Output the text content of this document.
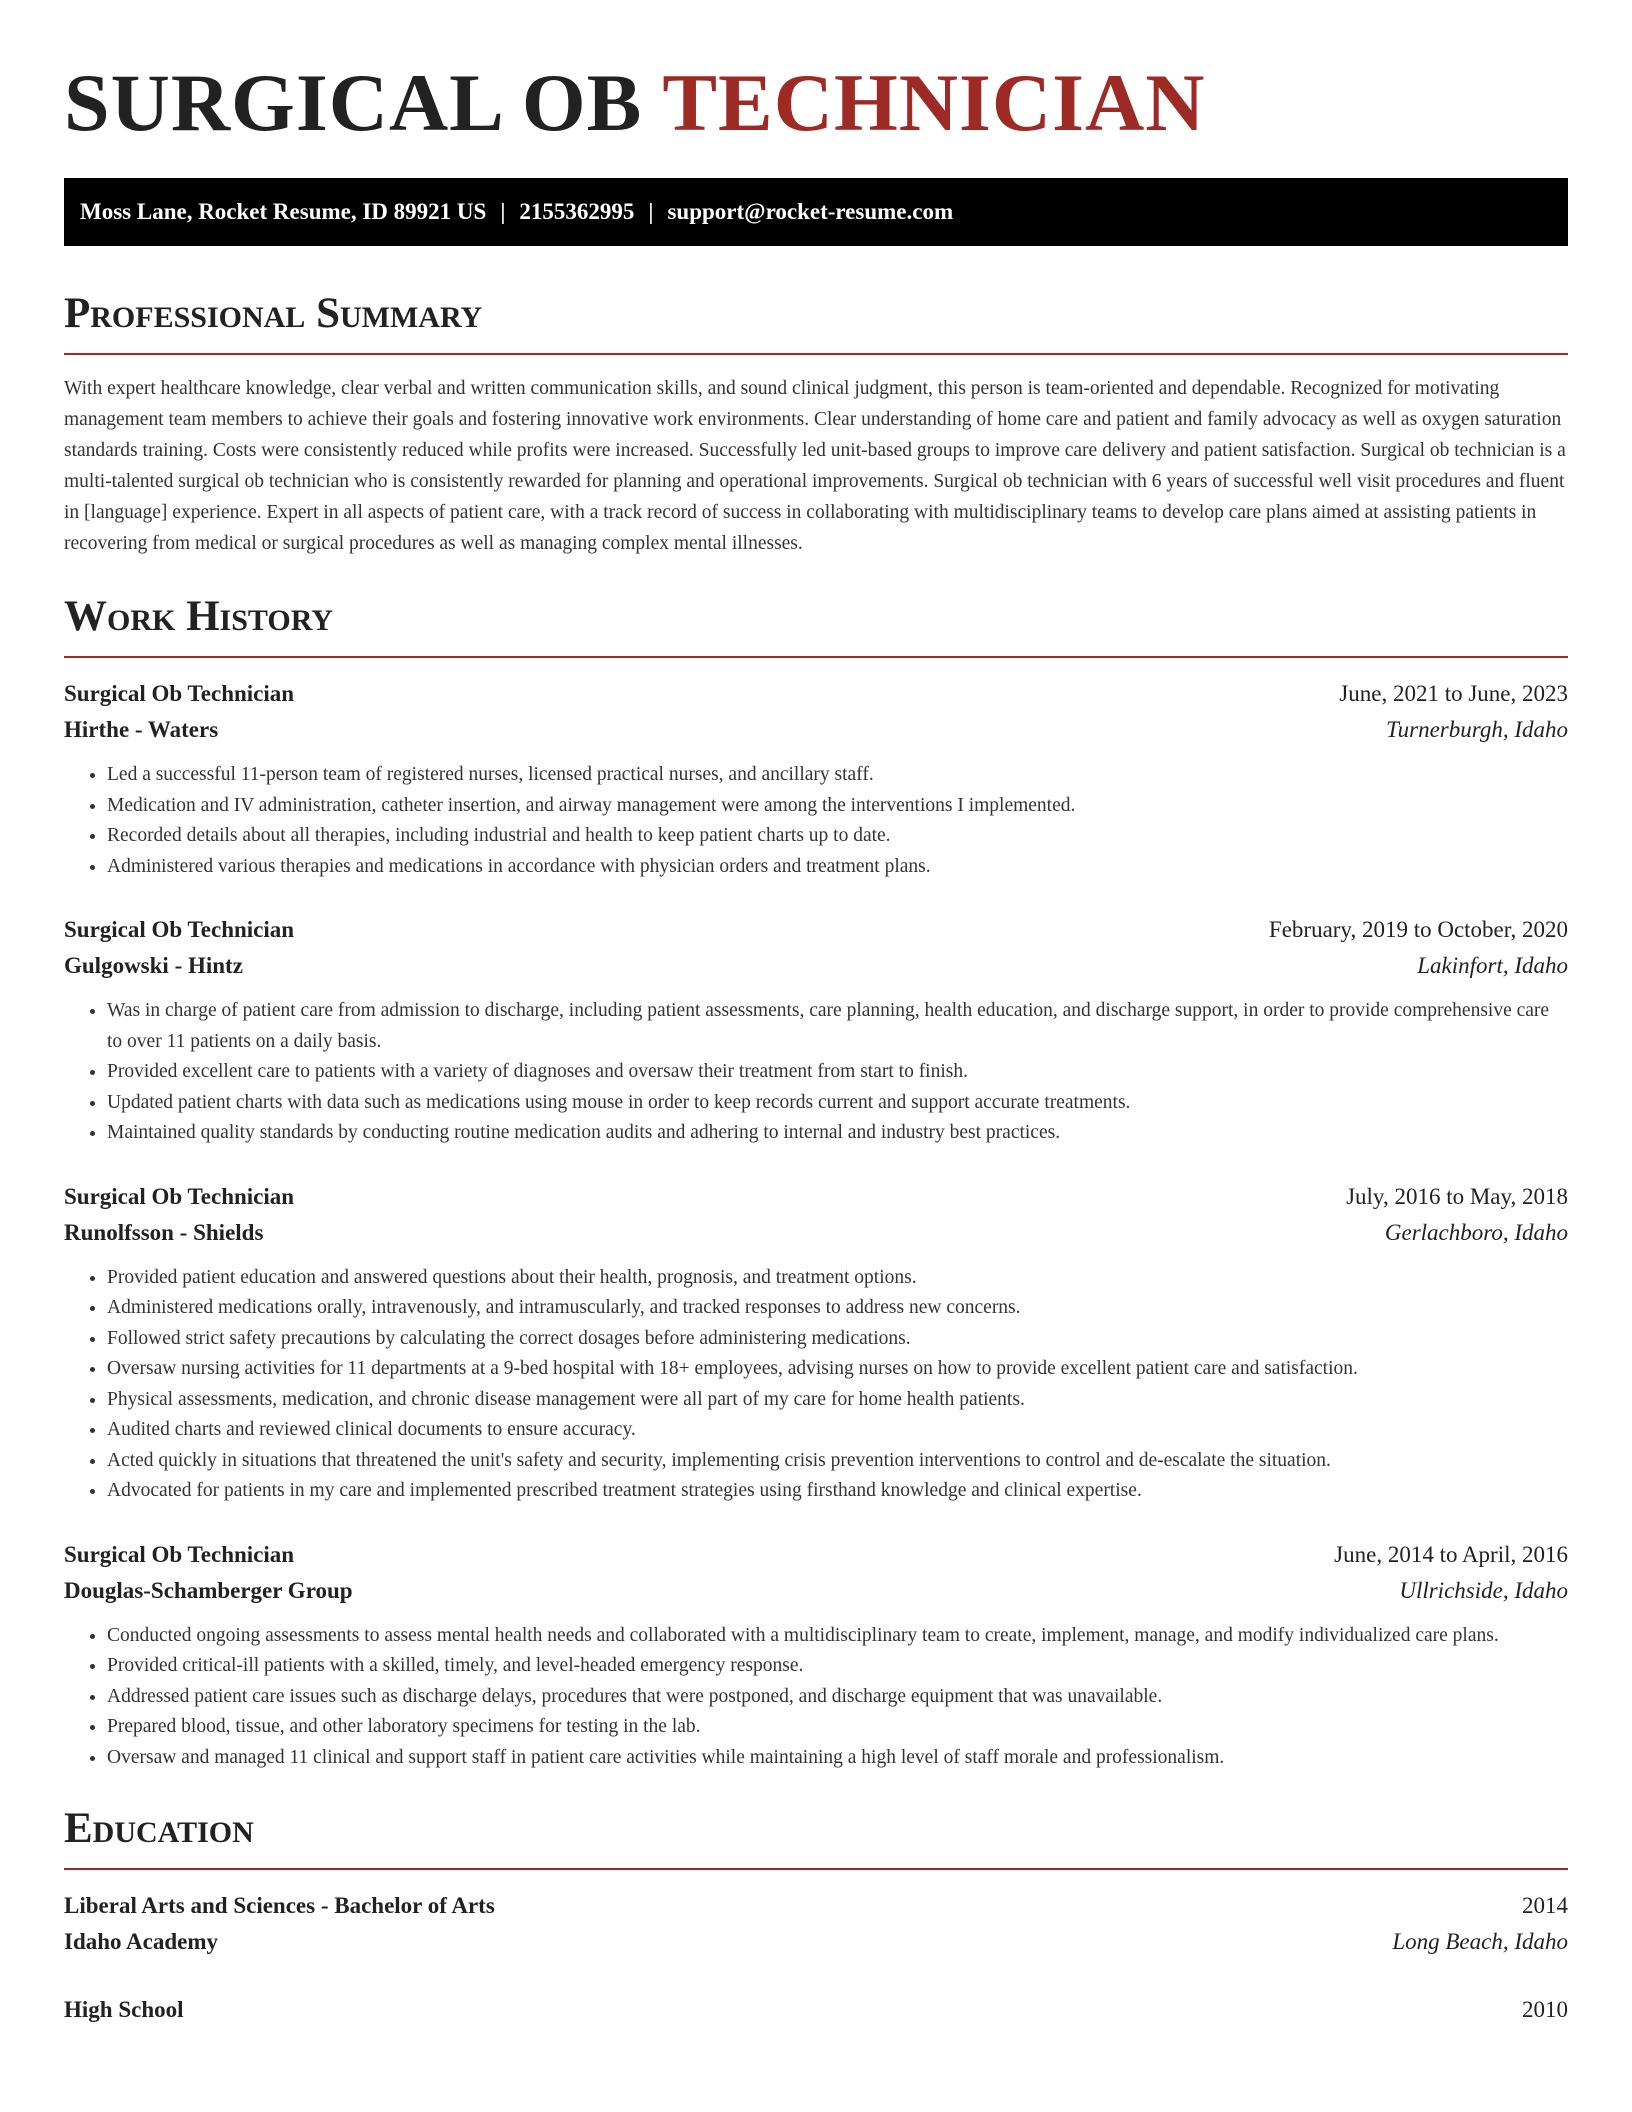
SURGICAL OB TECHNICIAN
Moss Lane, Rocket Resume, ID 89921 US | 2155362995 | support@rocket-resume.com
Professional Summary

With expert healthcare knowledge, clear verbal and written communication skills, and sound clinical judgment, this person is team-oriented and dependable. Recognized for motivating management team members to achieve their goals and fostering innovative work environments. Clear understanding of home care and patient and family advocacy as well as oxygen saturation standards training. Costs were consistently reduced while profits were increased. Successfully led unit-based groups to improve care delivery and patient satisfaction. Surgical ob technician is a multi-talented surgical ob technician who is consistently rewarded for planning and operational improvements. Surgical ob technician with 6 years of successful well visit procedures and fluent in [language] experience. Expert in all aspects of patient care, with a track record of success in collaborating with multidisciplinary teams to develop care plans aimed at assisting patients in recovering from medical or surgical procedures as well as managing complex mental illnesses.

Work History
Surgical Ob Technician	June, 2021 to June, 2023
Hirthe - Waters	Turnerburgh, Idaho
• Led a successful 11-person team of registered nurses, licensed practical nurses, and ancillary staff.
• Medication and IV administration, catheter insertion, and airway management were among the interventions I implemented.
• Recorded details about all therapies, including industrial and health to keep patient charts up to date.
• Administered various therapies and medications in accordance with physician orders and treatment plans.
Surgical Ob Technician	February, 2019 to October, 2020
Gulgowski - Hintz	Lakinfort, Idaho
• Was in charge of patient care from admission to discharge, including patient assessments, care planning, health education, and discharge support, in order to provide comprehensive care to over 11 patients on a daily basis.
• Provided excellent care to patients with a variety of diagnoses and oversaw their treatment from start to finish.
• Updated patient charts with data such as medications using mouse in order to keep records current and support accurate treatments.
• Maintained quality standards by conducting routine medication audits and adhering to internal and industry best practices.
Surgical Ob Technician	July, 2016 to May, 2018
Runolfsson - Shields	Gerlachboro, Idaho
• Provided patient education and answered questions about their health, prognosis, and treatment options.
• Administered medications orally, intravenously, and intramuscularly, and tracked responses to address new concerns.
• Followed strict safety precautions by calculating the correct dosages before administering medications.
• Oversaw nursing activities for 11 departments at a 9-bed hospital with 18+ employees, advising nurses on how to provide excellent patient care and satisfaction.
• Physical assessments, medication, and chronic disease management were all part of my care for home health patients.
• Audited charts and reviewed clinical documents to ensure accuracy.
• Acted quickly in situations that threatened the unit's safety and security, implementing crisis prevention interventions to control and de-escalate the situation.
• Advocated for patients in my care and implemented prescribed treatment strategies using firsthand knowledge and clinical expertise.
Surgical Ob Technician	June, 2014 to April, 2016
Douglas-Schamberger Group	Ullrichside, Idaho
• Conducted ongoing assessments to assess mental health needs and collaborated with a multidisciplinary team to create, implement, manage, and modify individualized care plans.
• Provided critical-ill patients with a skilled, timely, and level-headed emergency response.
• Addressed patient care issues such as discharge delays, procedures that were postponed, and discharge equipment that was unavailable.
• Prepared blood, tissue, and other laboratory specimens for testing in the lab.
• Oversaw and managed 11 clinical and support staff in patient care activities while maintaining a high level of staff morale and professionalism.
Education
Liberal Arts and Sciences - Bachelor of Arts	2014
Idaho Academy	Long Beach, Idaho
High School	2010
